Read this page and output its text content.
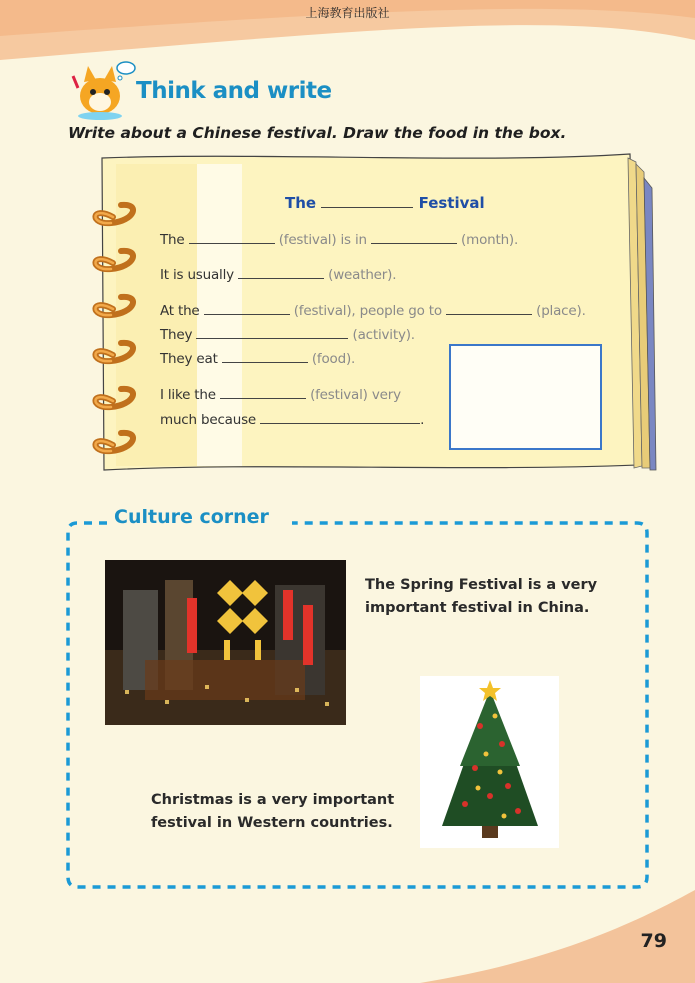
上海教育出版社
Think and write
Write about a Chinese festival. Draw the food in the box.
The	Festival
The	(festival) is in	(month).
It is usually	(weather).
At the	(festival), people go to	(place).
They	(activity).
They eat	(food).
I like the	(festival) very
much because	.
Culture corner
The Spring Festival is a very
important festival in China.
Christmas is a very important
festival in Western countries.
79
